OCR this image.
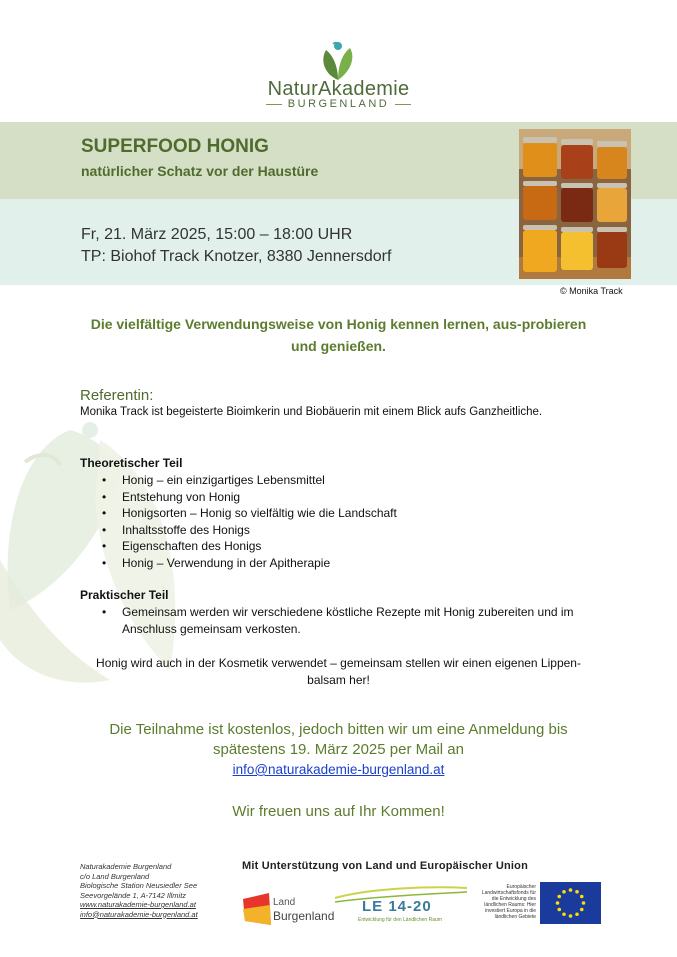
NaturAkademie
BURGENLAND
SUPERFOOD HONIG
natürlicher Schatz vor der Haustüre
Fr, 21. März 2025, 15:00 – 18:00 UHR
TP: Biohof Track Knotzer, 8380 Jennersdorf
© Monika Track
Die vielfältige Verwendungsweise von Honig kennen lernen, aus-probieren und genießen.
Referentin:
Monika Track ist begeisterte Bioimkerin und Biobäuerin mit einem Blick aufs Ganzheitliche.
Theoretischer Teil
• Honig – ein einzigartiges Lebensmittel
• Entstehung von Honig
• Honigsorten – Honig so vielfältig wie die Landschaft
• Inhaltsstoffe des Honigs
• Eigenschaften des Honigs
• Honig – Verwendung in der Apitherapie
Praktischer Teil
• Gemeinsam werden wir verschiedene köstliche Rezepte mit Honig zubereiten und im Anschluss gemeinsam verkosten.
Honig wird auch in der Kosmetik verwendet – gemeinsam stellen wir einen eigenen Lippen-balsam her!
Die Teilnahme ist kostenlos, jedoch bitten wir um eine Anmeldung bis spätestens 19. März 2025 per Mail an
info@naturakademie-burgenland.at
Wir freuen uns auf Ihr Kommen!
Naturakademie Burgenland
c/o Land Burgenland
Biologische Station Neusiedler See
Seevorgelände 1, A-7142 Illmitz
www.naturakademie-burgenland.at
info@naturakademie-burgenland.at
Mit Unterstützung von Land und Europäischer Union
Land
Burgenland
LE 14-20
Entwicklung für den Ländlichen Raum
Europäischer Landwirtschaftsfonds für die Entwicklung des ländlichen Raums: Hier investiert Europa in die ländlichen Gebiete
